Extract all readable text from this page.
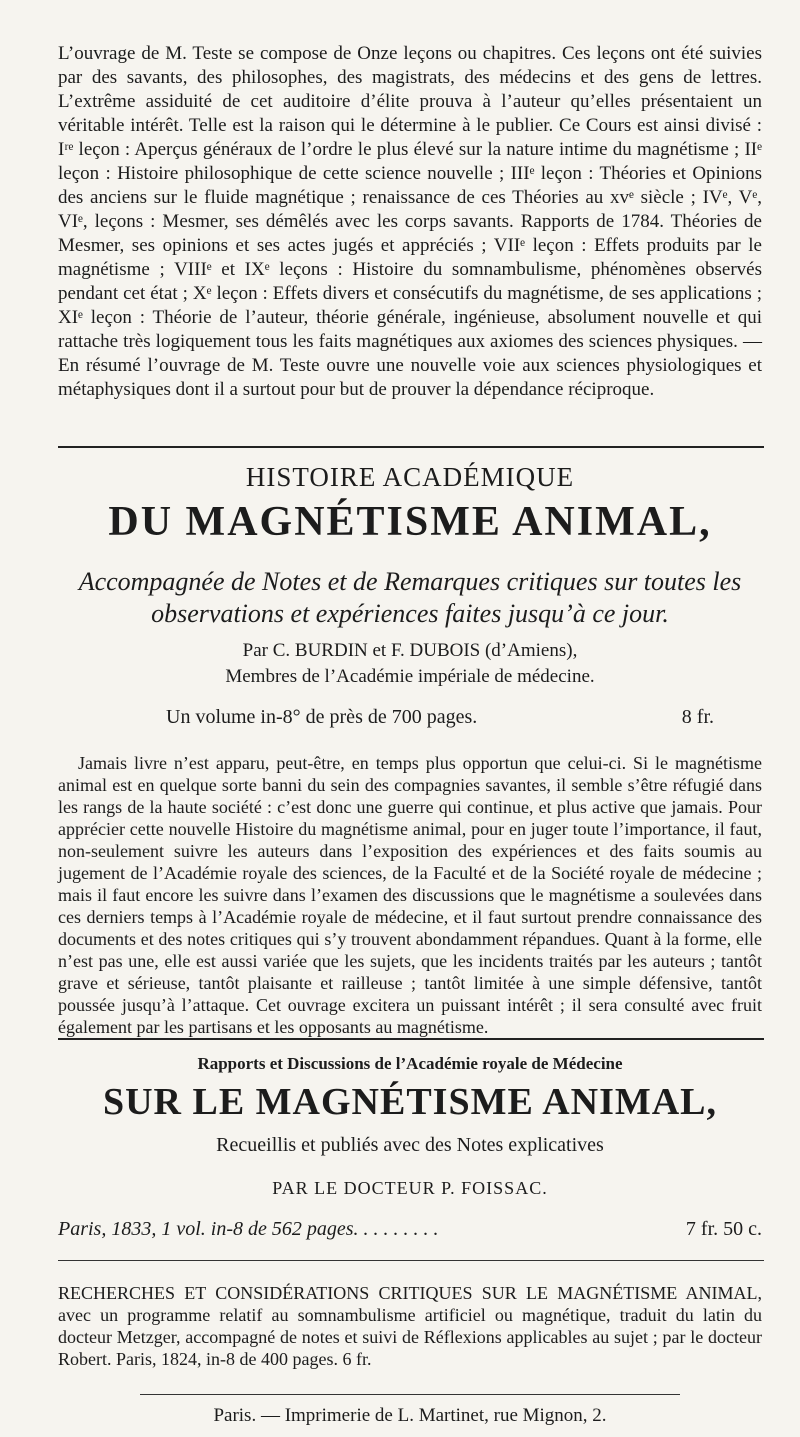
L’ouvrage de M. Teste se compose de Onze leçons ou chapitres. Ces leçons ont été suivies par des savants, des philosophes, des magistrats, des médecins et des gens de lettres. L’extrême assiduité de cet auditoire d’élite prouva à l’auteur qu’elles présentaient un véritable intérêt. Telle est la raison qui le détermine à le publier. Ce Cours est ainsi divisé : Iʳᵉ leçon : Aperçus généraux de l’ordre le plus élevé sur la nature intime du magnétisme ; IIᵉ leçon : Histoire philosophique de cette science nouvelle ; IIIᵉ leçon : Théories et Opinions des anciens sur le fluide magnétique ; renaissance de ces Théories au xvᵉ siècle ; IVᵉ, Vᵉ, VIᵉ, leçons : Mesmer, ses démêlés avec les corps savants. Rapports de 1784. Théories de Mesmer, ses opinions et ses actes jugés et appréciés ; VIIᵉ leçon : Effets produits par le magnétisme ; VIIIᵉ et IXᵉ leçons : Histoire du somnambulisme, phénomènes observés pendant cet état ; Xᵉ leçon : Effets divers et consécutifs du magnétisme, de ses applications ; XIᵉ leçon : Théorie de l’auteur, théorie générale, ingénieuse, absolument nouvelle et qui rattache très logiquement tous les faits magnétiques aux axiomes des sciences physiques. — En résumé l’ouvrage de M. Teste ouvre une nouvelle voie aux sciences physiologiques et métaphysiques dont il a surtout pour but de prouver la dépendance réciproque.

HISTOIRE ACADÉMIQUE
DU MAGNÉTISME ANIMAL,
Accompagnée de Notes et de Remarques critiques sur toutes les observations et expériences faites jusqu’à ce jour.
Par C. BURDIN et F. DUBOIS (d’Amiens),
Membres de l’Académie impériale de médecine.
Un volume in-8° de près de 700 pages.	8 fr.

Jamais livre n’est apparu, peut-être, en temps plus opportun que celui-ci. Si le magnétisme animal est en quelque sorte banni du sein des compagnies savantes, il semble s’être réfugié dans les rangs de la haute société : c’est donc une guerre qui continue, et plus active que jamais. Pour apprécier cette nouvelle Histoire du magnétisme animal, pour en juger toute l’importance, il faut, non-seulement suivre les auteurs dans l’exposition des expériences et des faits soumis au jugement de l’Académie royale des sciences, de la Faculté et de la Société royale de médecine ; mais il faut encore les suivre dans l’examen des discussions que le magnétisme a soulevées dans ces derniers temps à l’Académie royale de médecine, et il faut surtout prendre connaissance des documents et des notes critiques qui s’y trouvent abondamment répandues. Quant à la forme, elle n’est pas une, elle est aussi variée que les sujets, que les incidents traités par les auteurs ; tantôt grave et sérieuse, tantôt plaisante et railleuse ; tantôt limitée à une simple défensive, tantôt poussée jusqu’à l’attaque. Cet ouvrage excitera un puissant intérêt ; il sera consulté avec fruit également par les partisans et les opposants au magnétisme.

Rapports et Discussions de l’Académie royale de Médecine
SUR LE MAGNÉTISME ANIMAL,
Recueillis et publiés avec des Notes explicatives
PAR LE DOCTEUR P. FOISSAC.
Paris, 1833, 1 vol. in-8 de 562 pages. . . . . . . . .	7 fr. 50 c.

RECHERCHES ET CONSIDÉRATIONS CRITIQUES SUR LE MAGNÉTISME ANIMAL, avec un programme relatif au somnambulisme artificiel ou magnétique, traduit du latin du docteur Metzger, accompagné de notes et suivi de Réflexions applicables au sujet ; par le docteur Robert. Paris, 1824, in-8 de 400 pages. 6 fr.

Paris. — Imprimerie de L. Martinet, rue Mignon, 2.
